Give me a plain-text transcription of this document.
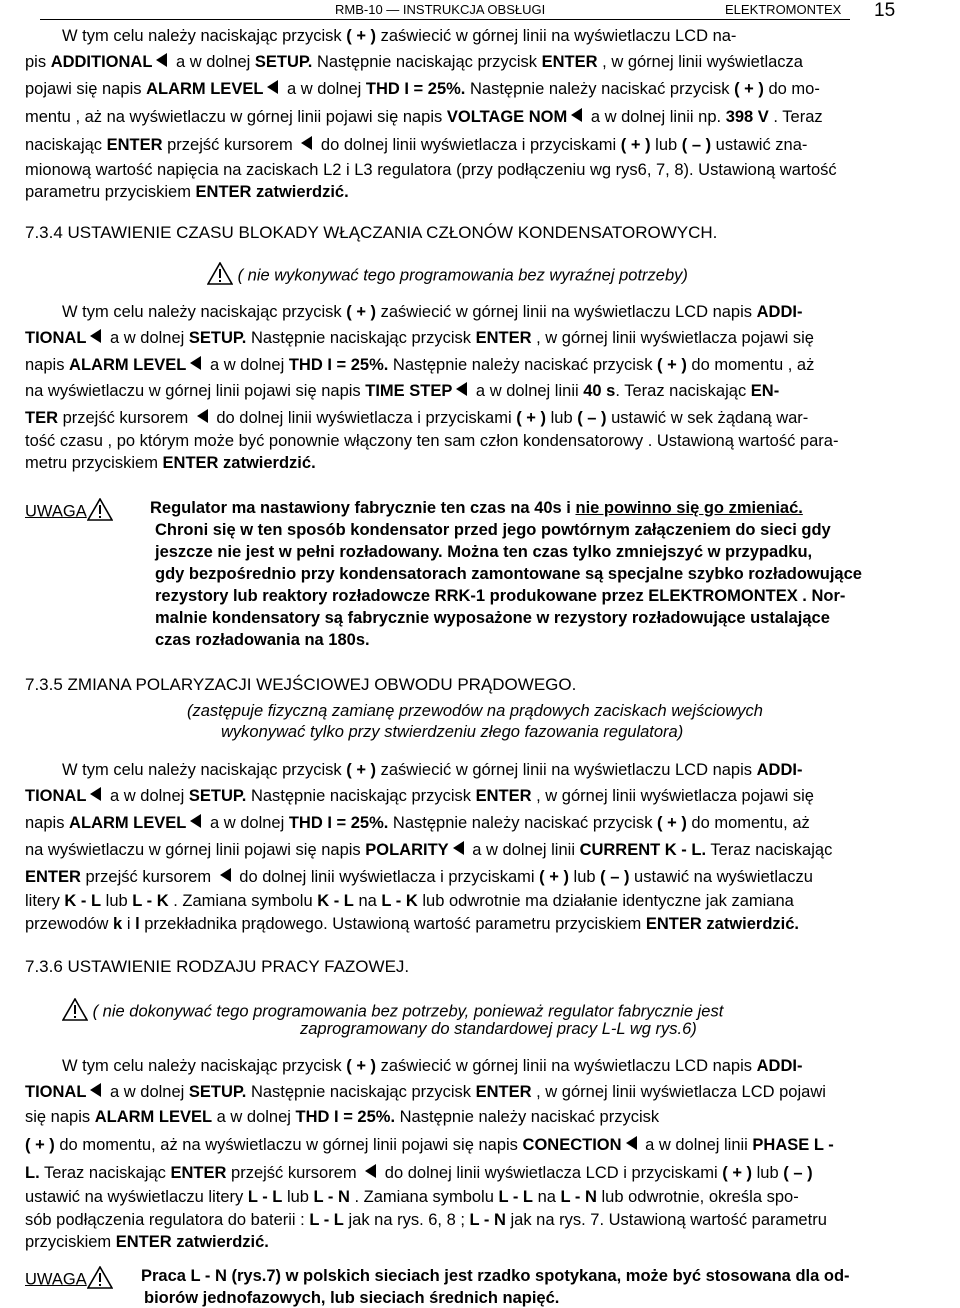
RMB-10 — INSTRUKCJA OBSŁUGI	ELEKTROMONTEX 15
W tym celu należy naciskając przycisk ( + ) zaświecić w górnej linii na wyświetlaczu LCD na-
pis ADDITIONAL a w dolnej SETUP. Następnie naciskając przycisk ENTER , w górnej linii wyświetlacza
pojawi się napis ALARM LEVEL a w dolnej THD I = 25%. Następnie należy naciskać przycisk ( + ) do mo-
mentu , aż na wyświetlaczu w górnej linii pojawi się napis VOLTAGE NOM a w dolnej linii np. 398 V . Teraz
naciskając ENTER przejść kursorem  do dolnej linii wyświetlacza i przyciskami ( + ) lub ( – ) ustawić zna-
mionową wartość napięcia na zaciskach L2 i L3 regulatora (przy podłączeniu wg rys6, 7, 8). Ustawioną wartość
parametru przyciskiem ENTER zatwierdzić.
7.3.4 USTAWIENIE CZASU BLOKADY WŁĄCZANIA CZŁONÓW KONDENSATOROWYCH.
( nie wykonywać tego programowania bez wyraźnej potrzeby)
W tym celu należy naciskając przycisk ( + ) zaświecić w górnej linii na wyświetlaczu LCD napis ADDI-
TIONAL a w dolnej SETUP. Następnie naciskając przycisk ENTER , w górnej linii wyświetlacza pojawi się
napis ALARM LEVEL a w dolnej THD I = 25%. Następnie należy naciskać przycisk ( + ) do momentu , aż
na wyświetlaczu w górnej linii pojawi się napis TIME STEP a w dolnej linii 40 s. Teraz naciskając EN-
TER przejść kursorem  do dolnej linii wyświetlacza i przyciskami ( + ) lub ( – ) ustawić w sek żądaną war-
tość czasu , po którym może być ponownie włączony ten sam człon kondensatorowy . Ustawioną wartość para-
metru przyciskiem ENTER zatwierdzić.
UWAGA	Regulator ma nastawiony fabrycznie ten czas na 40s i nie powinno się go zmieniać.
Chroni się w ten sposób kondensator przed jego powtórnym załączeniem do sieci gdy
jeszcze nie jest w pełni rozładowany. Można ten czas tylko zmniejszyć w przypadku,
gdy bezpośrednio przy kondensatorach zamontowane są specjalne szybko rozładowujące
rezystory lub reaktory rozładowcze RRK-1 produkowane przez ELEKTROMONTEX . Nor-
malnie kondensatory są fabrycznie wyposażone w rezystory rozładowujące ustalające
czas rozładowania na 180s.
7.3.5 ZMIANA POLARYZACJI WEJŚCIOWEJ OBWODU PRĄDOWEGO.
(zastępuje fizyczną zamianę przewodów na prądowych zaciskach wejściowych
wykonywać tylko przy stwierdzeniu złego fazowania regulatora)
W tym celu należy naciskając przycisk ( + ) zaświecić w górnej linii na wyświetlaczu LCD napis ADDI-
TIONAL a w dolnej SETUP. Następnie naciskając przycisk ENTER , w górnej linii wyświetlacza pojawi się
napis ALARM LEVEL a w dolnej THD I = 25%. Następnie należy naciskać przycisk ( + ) do momentu, aż
na wyświetlaczu w górnej linii pojawi się napis POLARITY a w dolnej linii CURRENT K - L. Teraz naciskając
ENTER przejść kursorem  do dolnej linii wyświetlacza i przyciskami ( + ) lub ( – ) ustawić na wyświetlaczu
litery K - L lub L - K . Zamiana symbolu K - L na L - K lub odwrotnie ma działanie identyczne jak zamiana
przewodów k i l przekładnika prądowego. Ustawioną wartość parametru przyciskiem ENTER zatwierdzić.
7.3.6 USTAWIENIE RODZAJU PRACY FAZOWEJ.
( nie dokonywać tego programowania bez potrzeby, ponieważ regulator fabrycznie jest
zaprogramowany do standardowej pracy L-L wg rys.6)
W tym celu należy naciskając przycisk ( + ) zaświecić w górnej linii na wyświetlaczu LCD napis ADDI-
TIONAL a w dolnej SETUP. Następnie naciskając przycisk ENTER , w górnej linii wyświetlacza LCD pojawi
się napis ALARM LEVEL a w dolnej THD I = 25%. Następnie należy naciskać przycisk
( + ) do momentu, aż na wyświetlaczu w górnej linii pojawi się napis CONECTION a w dolnej linii PHASE L -
L. Teraz naciskając ENTER przejść kursorem  do dolnej linii wyświetlacza LCD i przyciskami ( + ) lub ( – )
ustawić na wyświetlaczu litery L - L lub L - N . Zamiana symbolu L - L na L - N lub odwrotnie, określa spo-
sób podłączenia regulatora do baterii : L - L jak na rys. 6, 8 ; L - N jak na rys. 7. Ustawioną wartość parametru
przyciskiem ENTER zatwierdzić.
UWAGA	Praca L - N (rys.7) w polskich sieciach jest rzadko spotykana, może być stosowana dla od-
biorów jednofazowych, lub sieciach średnich napięć.
